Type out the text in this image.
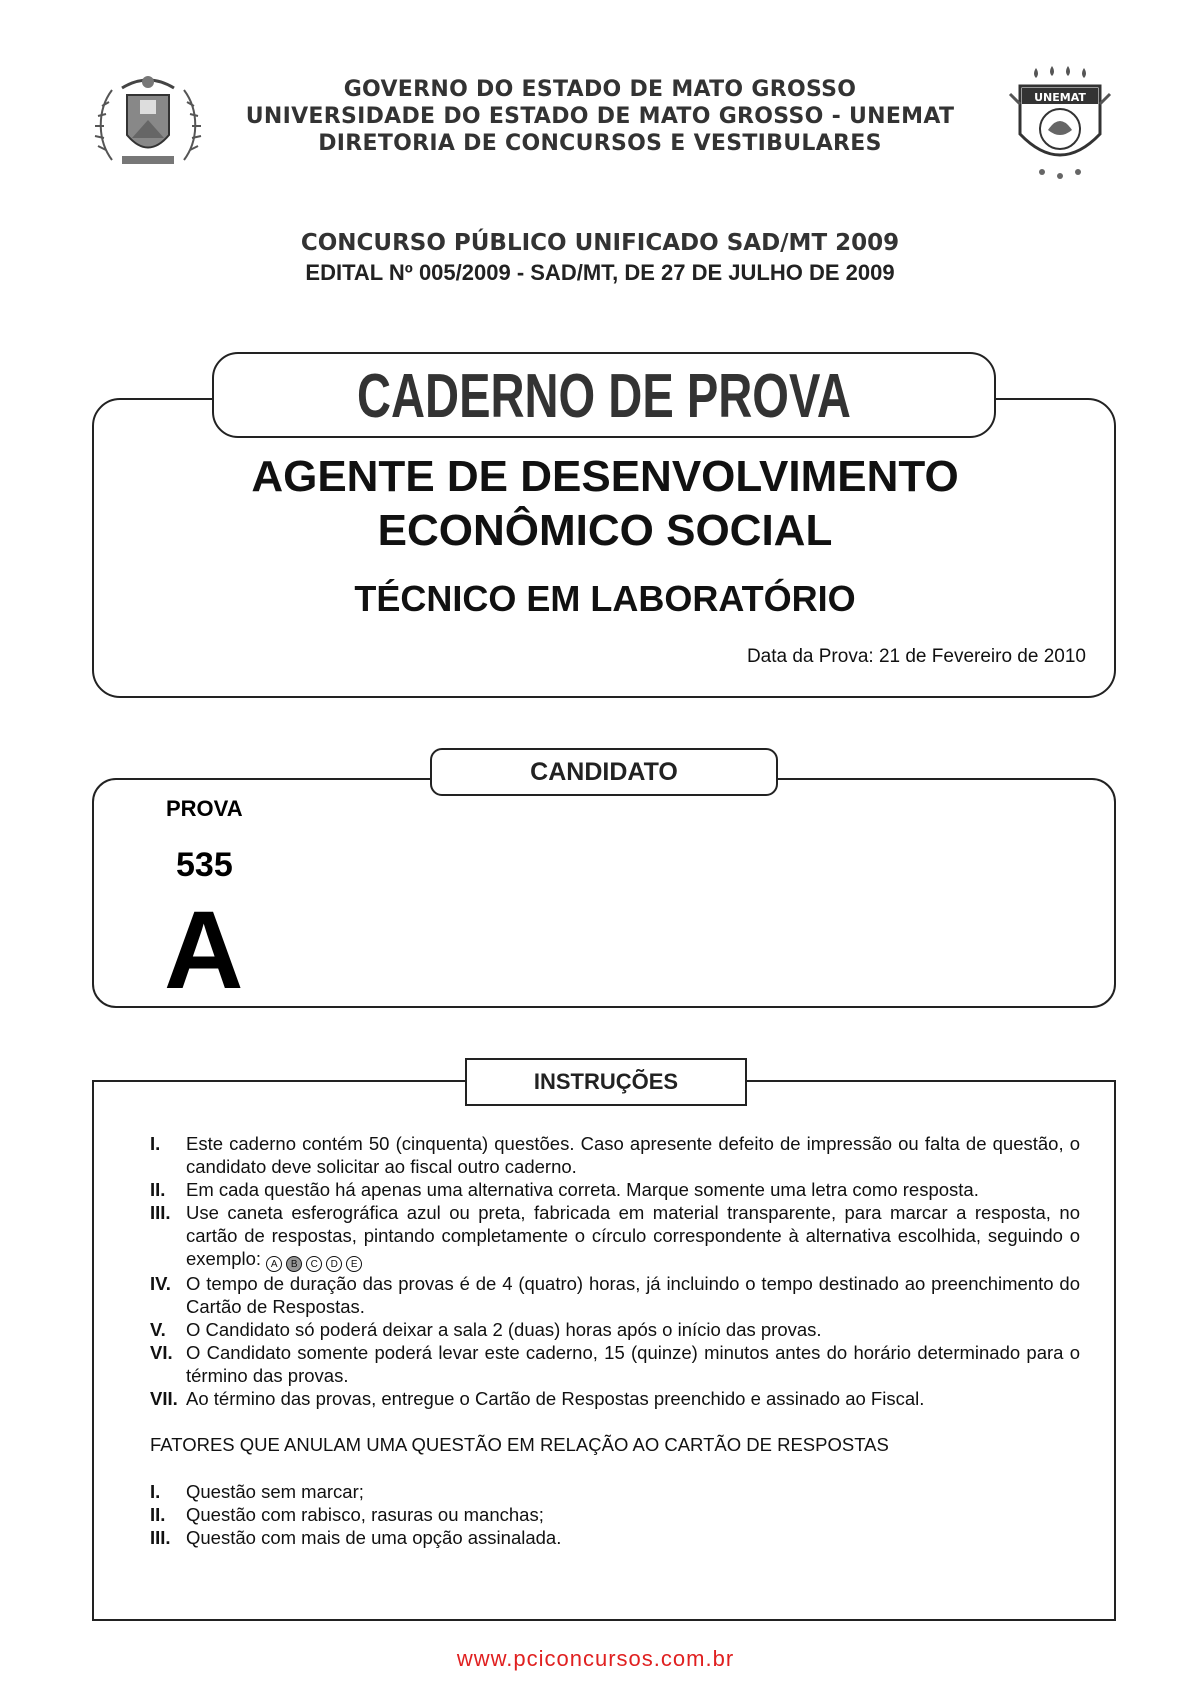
GOVERNO DO ESTADO DE MATO GROSSO
UNIVERSIDADE DO ESTADO DE MATO GROSSO - UNEMAT
DIRETORIA DE CONCURSOS E VESTIBULARES
UNEMAT
CONCURSO PÚBLICO UNIFICADO SAD/MT 2009
EDITAL Nº 005/2009 - SAD/MT, DE 27 DE JULHO DE 2009
CADERNO DE PROVA
AGENTE DE DESENVOLVIMENTO
ECONÔMICO SOCIAL
TÉCNICO EM LABORATÓRIO
Data da Prova: 21 de Fevereiro de 2010
CANDIDATO
PROVA
535
A
INSTRUÇÕES
I.	Este caderno contém 50 (cinquenta) questões. Caso apresente defeito de impressão ou falta de questão, o candidato deve solicitar ao fiscal outro caderno.
II.	Em cada questão há apenas uma alternativa correta. Marque somente uma letra como resposta.
III. Use caneta esferográfica azul ou preta, fabricada em material transparente, para marcar a resposta, no cartão de respostas, pintando completamente o círculo correspondente à alternativa escolhida, seguindo o exemplo: A	B	C	D	E
IV. O tempo de duração das provas é de 4 (quatro) horas, já incluindo o tempo destinado ao preenchimento do Cartão de Respostas.
V.	O Candidato só poderá deixar a sala 2 (duas) horas após o início das provas.
VI. O Candidato somente poderá levar este caderno, 15 (quinze) minutos antes do horário determinado para o término das provas.
VII. Ao término das provas, entregue o Cartão de Respostas preenchido e assinado ao Fiscal.
FATORES QUE ANULAM UMA QUESTÃO EM RELAÇÃO AO CARTÃO DE RESPOSTAS
I.	Questão sem marcar;
II.	Questão com rabisco, rasuras ou manchas;
III. Questão com mais de uma opção assinalada.
www.pciconcursos.com.br
